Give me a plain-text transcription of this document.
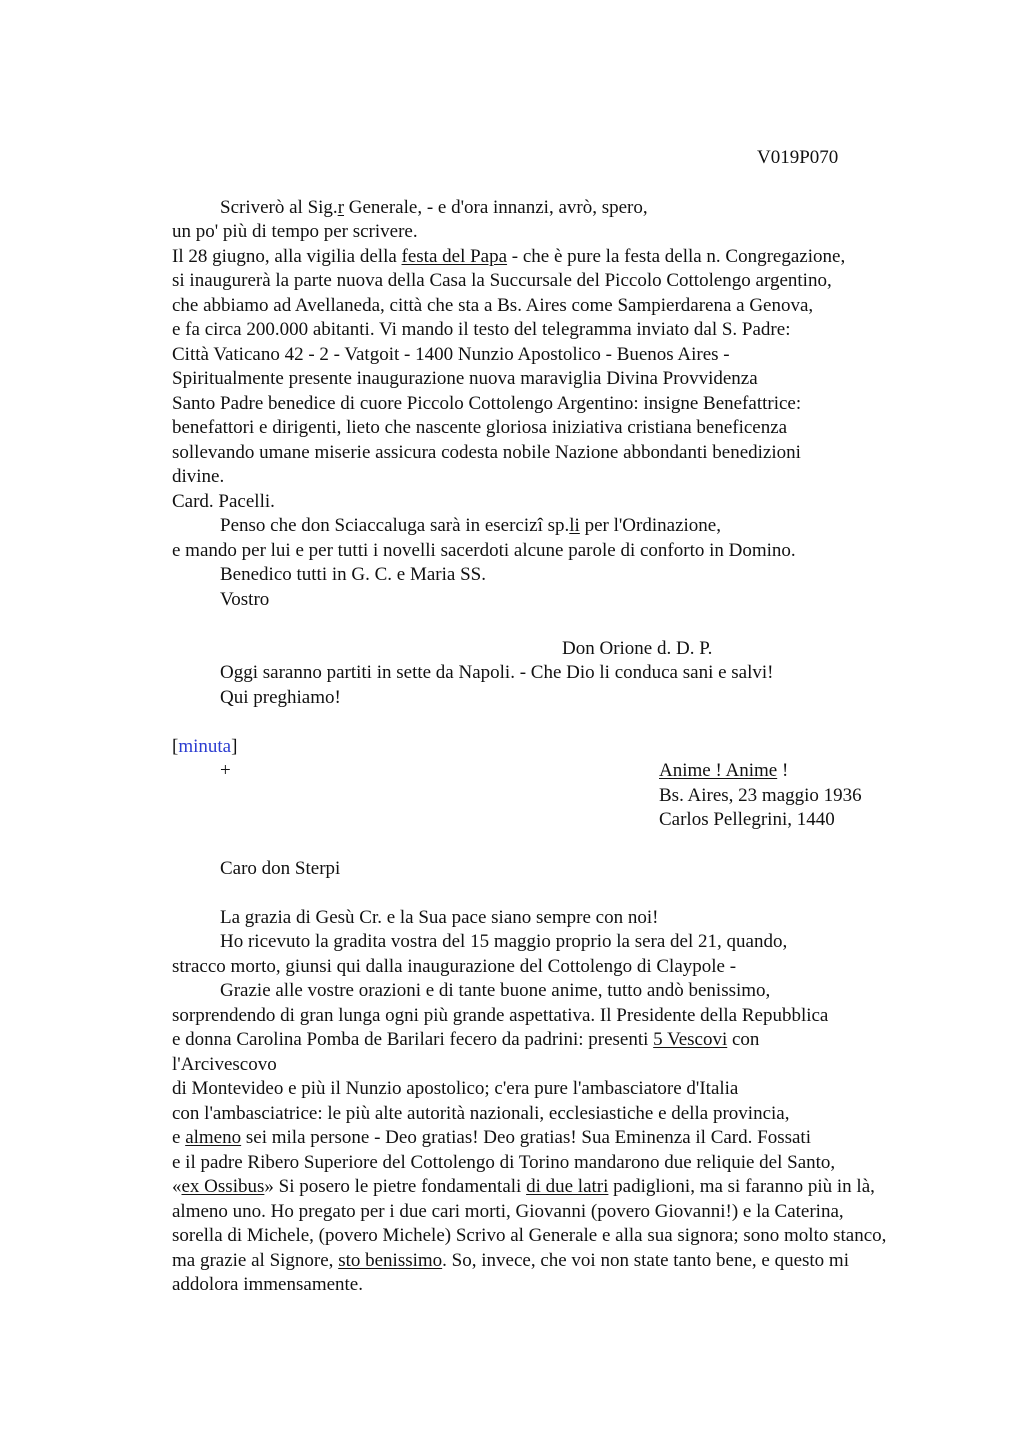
V019P070
Scriverò al Sig.r Generale, - e d'ora innanzi, avrò, spero,
un po' più di tempo per scrivere.
Il 28 giugno, alla vigilia della festa del Papa - che è pure la festa della n. Congregazione,
si inaugurerà la parte nuova della Casa la Succursale del Piccolo Cottolengo argentino,
che abbiamo ad Avellaneda, città che sta a Bs. Aires come Sampierdarena a Genova,
e fa circa 200.000 abitanti. Vi mando il testo del telegramma inviato dal S. Padre:
Città Vaticano 42 - 2 - Vatgoit - 1400 Nunzio Apostolico - Buenos Aires -
Spiritualmente presente inaugurazione nuova maraviglia Divina Provvidenza
Santo Padre benedice di cuore Piccolo Cottolengo Argentino: insigne Benefattrice:
benefattori e dirigenti, lieto che nascente gloriosa iniziativa cristiana beneficenza
sollevando umane miserie assicura codesta nobile Nazione abbondanti benedizioni
divine.
Card. Pacelli.
Penso che don Sciaccaluga sarà in esercizi sp.li per l'Ordinazione,
e mando per lui e per tutti i novelli sacerdoti alcune parole di conforto in Domino.
Benedico tutti in G. C. e Maria SS.
Vostro
Don Orione d. D. P.
Oggi saranno partiti in sette da Napoli. - Che Dio li conduca sani e salvi!
Qui preghiamo!
[minuta]
+	Anime ! Anime !
Bs. Aires, 23 maggio 1936
Carlos Pellegrini, 1440
Caro don Sterpi
La grazia di Gesù Cr. e la Sua pace siano sempre con noi!
Ho ricevuto la gradita vostra del 15 maggio proprio la sera del 21, quando,
stracco morto, giunsi qui dalla inaugurazione del Cottolengo di Claypole -
Grazie alle vostre orazioni e di tante buone anime, tutto andò benissimo,
sorprendendo di gran lunga ogni più grande aspettativa. Il Presidente della Repubblica
e donna Carolina Pomba de Barilari fecero da padrini: presenti 5 Vescovi con
l'Arcivescovo
di Montevideo e più il Nunzio apostolico; c'era pure l'ambasciatore d'Italia
con l'ambasciatrice: le più alte autorità nazionali, ecclesiastiche e della provincia,
e almeno sei mila persone - Deo gratias! Deo gratias! Sua Eminenza il Card. Fossati
e il padre Ribero Superiore del Cottolengo di Torino mandarono due reliquie del Santo,
«ex Ossibus» Si posero le pietre fondamentali di due latri padiglioni, ma si faranno più in là,
almeno uno. Ho pregato per i due cari morti, Giovanni (povero Giovanni!) e la Caterina,
sorella di Michele, (povero Michele) Scrivo al Generale e alla sua signora; sono molto stanco,
ma grazie al Signore, sto benissimo. So, invece, che voi non state tanto bene, e questo mi
addolora immensamente.
